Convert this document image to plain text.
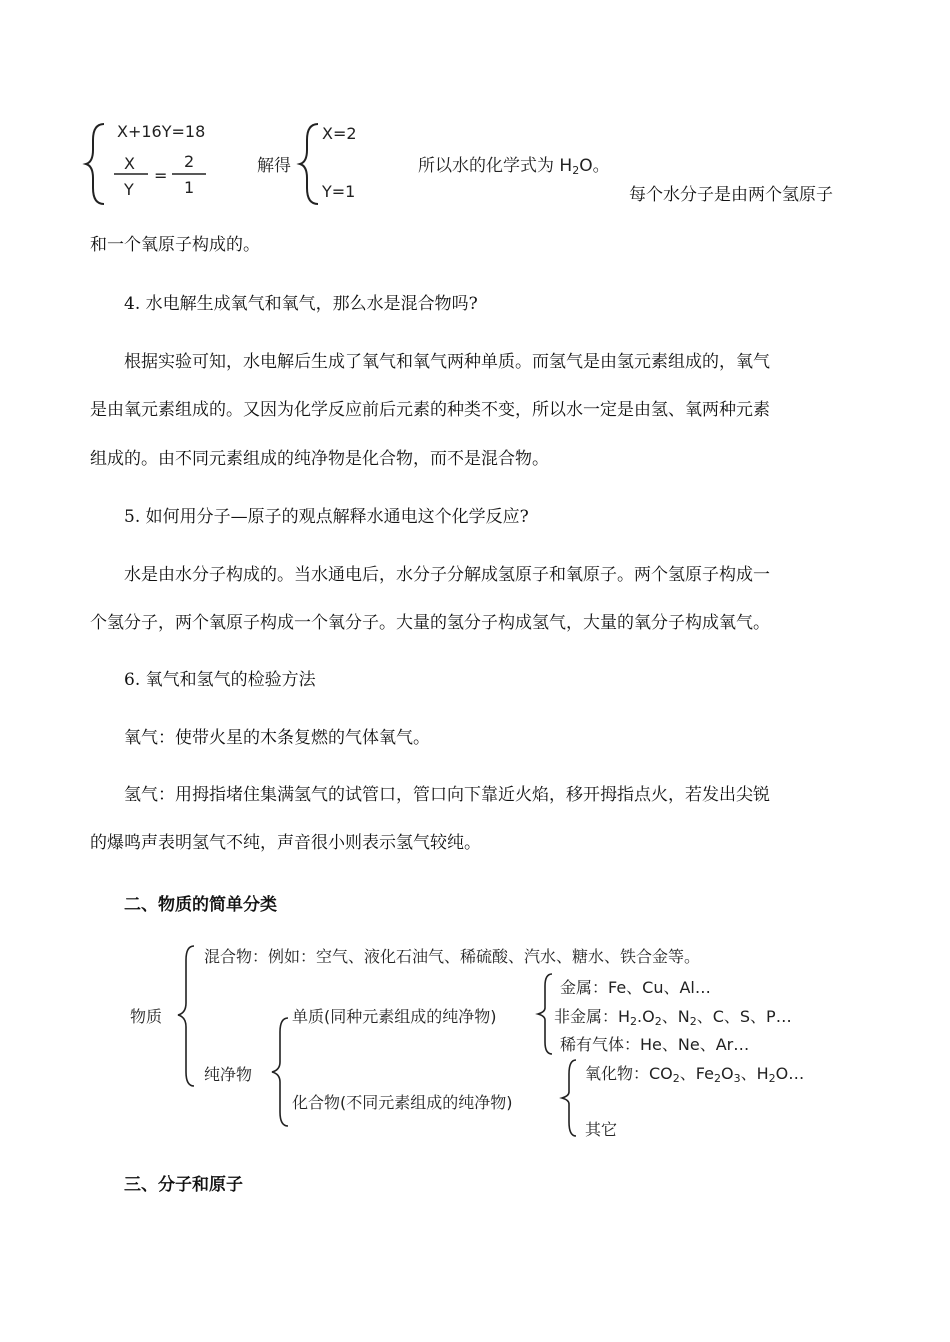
X+16Y=18
X
Y
=
2
1
解得
X=2
Y=1
所以水的化学式为 $H_2O$。
每个水分子是由两个氢原子
和一个氧原子构成的。
4. 水电解生成氧气和氧气，那么水是混合物吗?
根据实验可知，水电解后生成了氧气和氧气两种单质。而氢气是由氢元素组成的，氧气
是由氧元素组成的。又因为化学反应前后元素的种类不变，所以水一定是由氢、氧两种元素
组成的。由不同元素组成的纯净物是化合物，而不是混合物。
5. 如何用分子—原子的观点解释水通电这个化学反应?
水是由水分子构成的。当水通电后，水分子分解成氢原子和氧原子。两个氢原子构成一
个氢分子，两个氧原子构成一个氧分子。大量的氢分子构成氢气，大量的氧分子构成氧气。
6. 氧气和氢气的检验方法
氧气：使带火星的木条复燃的气体氧气。
氢气：用拇指堵住集满氢气的试管口，管口向下靠近火焰，移开拇指点火，若发出尖锐
的爆鸣声表明氢气不纯，声音很小则表示氢气较纯。
二、物质的简单分类
三、分子和原子
物质
混合物：例如：空气、液化石油气、稀硫酸、汽水、糖水、铁合金等。
纯净物
单质(同种元素组成的纯净物)
金属：Fe、Cu、Al…
非金属：$H_2.O_2$、$N_2$、C、S、P…
稀有气体：He、Ne、Ar…
化合物(不同元素组成的纯净物)
氧化物：$CO_2$、$Fe_2O_3$、$H_2O\dots$
其它
